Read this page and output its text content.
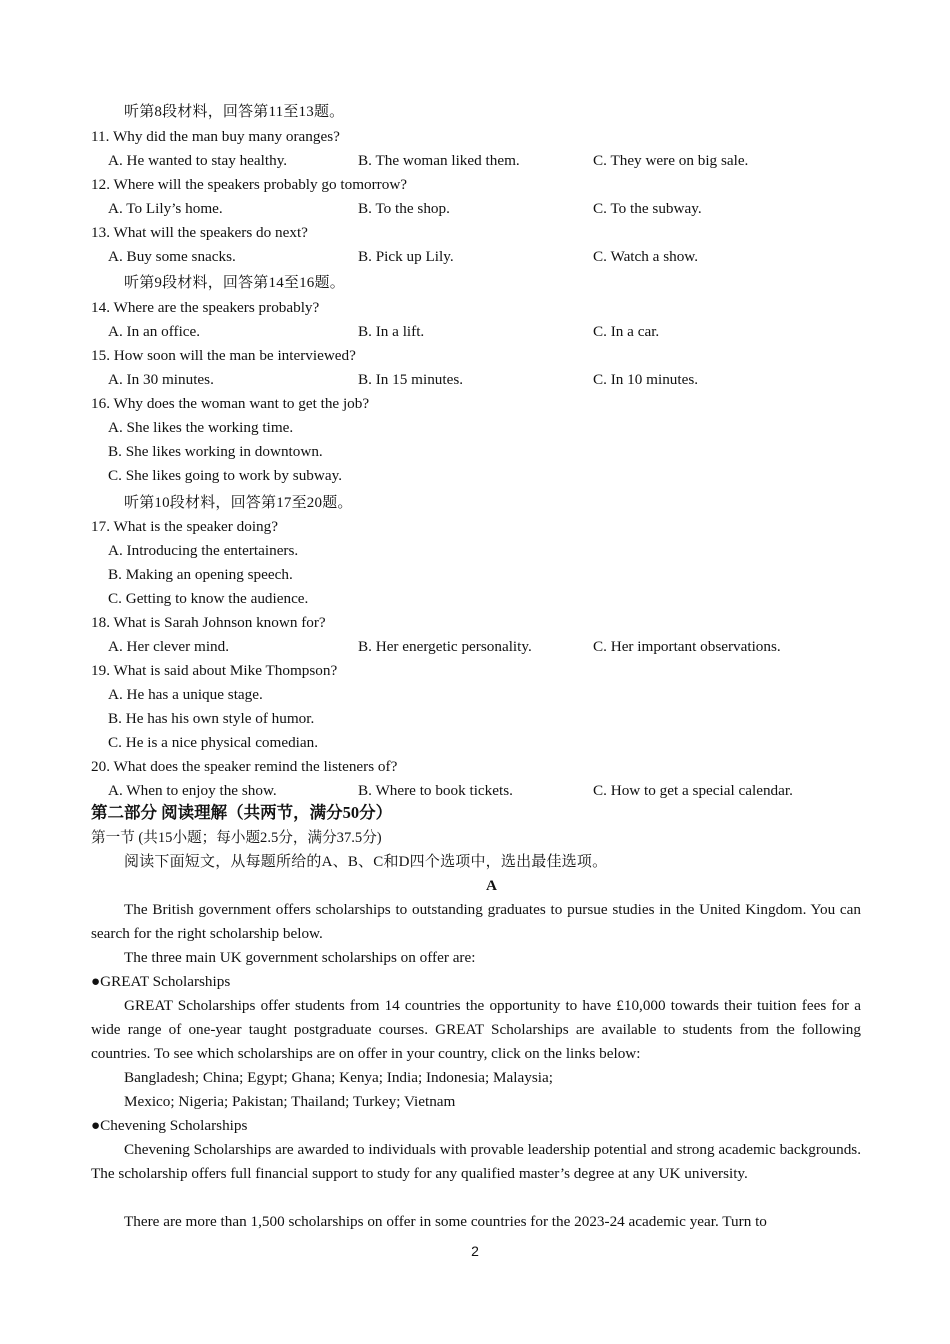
听第8段材料，回答第11至13题。
11. Why did the man buy many oranges?
A. He wanted to stay healthy.	B. The woman liked them.	C. They were on big sale.
12. Where will the speakers probably go tomorrow?
A. To Lily’s home.	B. To the shop.	C. To the subway.
13. What will the speakers do next?
A. Buy some snacks.	B. Pick up Lily.	C. Watch a show.
听第9段材料，回答第14至16题。
14. Where are the speakers probably?
A. In an office.	B. In a lift.	C. In a car.
15. How soon will the man be interviewed?
A. In 30 minutes.	B. In 15 minutes.	C. In 10 minutes.
16. Why does the woman want to get the job?
A. She likes the working time.
B. She likes working in downtown.
C. She likes going to work by subway.
听第10段材料，回答第17至20题。
17. What is the speaker doing?
A. Introducing the entertainers.
B. Making an opening speech.
C. Getting to know the audience.
18. What is Sarah Johnson known for?
A. Her clever mind.	B. Her energetic personality.	C. Her important observations.
19. What is said about Mike Thompson?
A. He has a unique stage.
B. He has his own style of humor.
C. He is a nice physical comedian.
20. What does the speaker remind the listeners of?
A. When to enjoy the show.	B. Where to book tickets.	C. How to get a special calendar.
第二部分 阅读理解（共两节，满分50分）
第一节 (共15小题；每小题2.5分，满分37.5分)
阅读下面短文，从每题所给的A、B、C和D四个选项中，选出最佳选项。
A

The British government offers scholarships to outstanding graduates to pursue studies in the United Kingdom. You can search for the right scholarship below.

The three main UK government scholarships on offer are:

●GREAT Scholarships

GREAT Scholarships offer students from 14 countries the opportunity to have £10,000 towards their tuition fees for a wide range of one-year taught postgraduate courses. GREAT Scholarships are available to students from the following countries. To see which scholarships are on offer in your country, click on the links below:

Bangladesh; China; Egypt; Ghana; Kenya; India; Indonesia; Malaysia;
Mexico; Nigeria; Pakistan; Thailand; Turkey; Vietnam

●Chevening Scholarships

Chevening Scholarships are awarded to individuals with provable leadership potential and strong academic backgrounds. The scholarship offers full financial support to study for any qualified master’s degree at any UK university.

There are more than 1,500 scholarships on offer in some countries for the 2023-24 academic year. Turn to

2
